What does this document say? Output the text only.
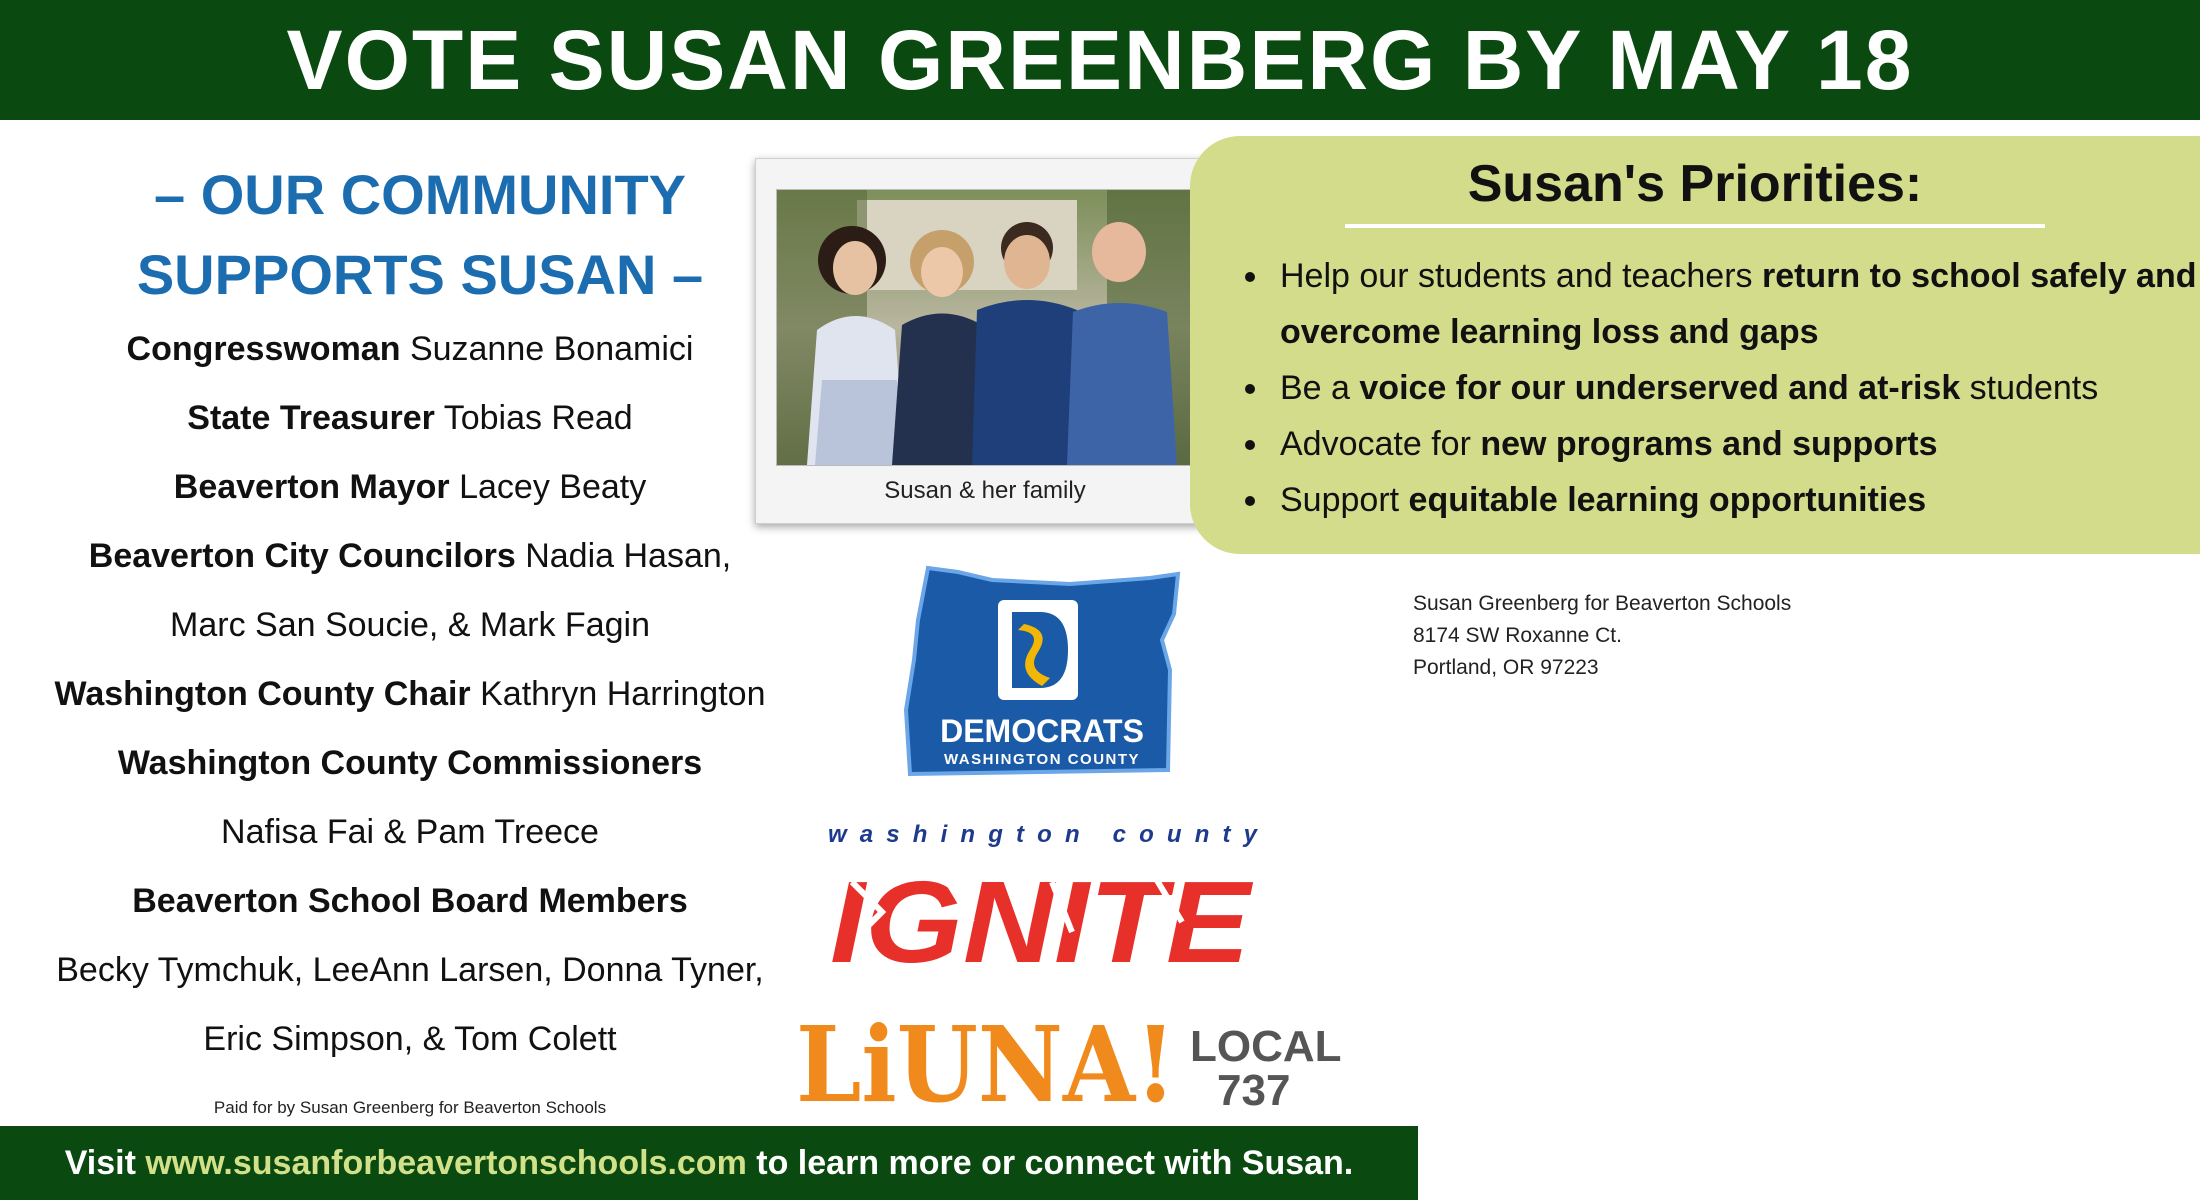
VOTE SUSAN GREENBERG BY MAY 18
– OUR COMMUNITY
SUPPORTS SUSAN –
Congresswoman Suzanne Bonamici
State Treasurer Tobias Read
Beaverton Mayor Lacey Beaty
Beaverton City Councilors Nadia Hasan,
Marc San Soucie, & Mark Fagin
Washington County Chair Kathryn Harrington
Washington County Commissioners
Nafisa Fai & Pam Treece
Beaverton School Board Members
Becky Tymchuk, LeeAnn Larsen, Donna Tyner,
Eric Simpson, & Tom Colett
Paid for by Susan Greenberg for Beaverton Schools
Visit
www.susanforbeavertonschools.com
to learn more or connect with Susan.
Susan & her family
Susan's Priorities:
• Help our students and teachers return to school safely and overcome learning loss and gaps
• Be a voice for our underserved and at-risk students
• Advocate for new programs and supports
• Support equitable learning opportunities
Susan Greenberg for Beaverton Schools
8174 SW Roxanne Ct.
Portland, OR 97223
DEMOCRATS
WASHINGTON COUNTY
washington county
IGNITE
LiUNA! LOCAL
737
